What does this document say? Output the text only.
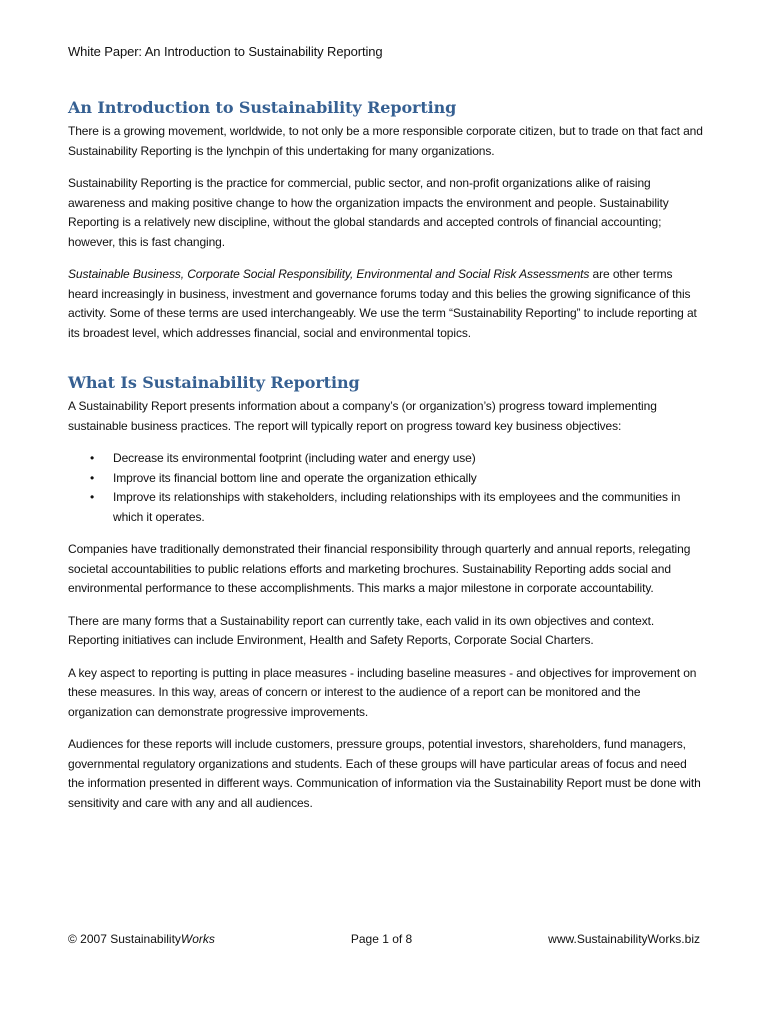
White Paper: An Introduction to Sustainability Reporting
An Introduction to Sustainability Reporting

There is a growing movement, worldwide, to not only be a more responsible corporate citizen, but to trade on that fact and Sustainability Reporting is the lynchpin of this undertaking for many organizations.

Sustainability Reporting is the practice for commercial, public sector, and non-profit organizations alike of raising awareness and making positive change to how the organization impacts the environment and people. Sustainability Reporting is a relatively new discipline, without the global standards and accepted controls of financial accounting; however, this is fast changing.

Sustainable Business, Corporate Social Responsibility, Environmental and Social Risk Assessments are other terms heard increasingly in business, investment and governance forums today and this belies the growing significance of this activity. Some of these terms are used interchangeably. We use the term “Sustainability Reporting” to include reporting at its broadest level, which addresses financial, social and environmental topics.

What Is Sustainability Reporting

A Sustainability Report presents information about a company’s (or organization’s) progress toward implementing sustainable business practices. The report will typically report on progress toward key business objectives:

• Decrease its environmental footprint (including water and energy use)
• Improve its financial bottom line and operate the organization ethically
• Improve its relationships with stakeholders, including relationships with its employees and the communities in which it operates.

Companies have traditionally demonstrated their financial responsibility through quarterly and annual reports, relegating societal accountabilities to public relations efforts and marketing brochures. Sustainability Reporting adds social and environmental performance to these accomplishments. This marks a major milestone in corporate accountability.

There are many forms that a Sustainability report can currently take, each valid in its own objectives and context. Reporting initiatives can include Environment, Health and Safety Reports, Corporate Social Charters.

A key aspect to reporting is putting in place measures - including baseline measures - and objectives for improvement on these measures. In this way, areas of concern or interest to the audience of a report can be monitored and the organization can demonstrate progressive improvements.

Audiences for these reports will include customers, pressure groups, potential investors, shareholders, fund managers, governmental regulatory organizations and students. Each of these groups will have particular areas of focus and need the information presented in different ways. Communication of information via the Sustainability Report must be done with sensitivity and care with any and all audiences.

© 2007 SustainabilityWorks	Page 1 of 8	www.SustainabilityWorks.biz
